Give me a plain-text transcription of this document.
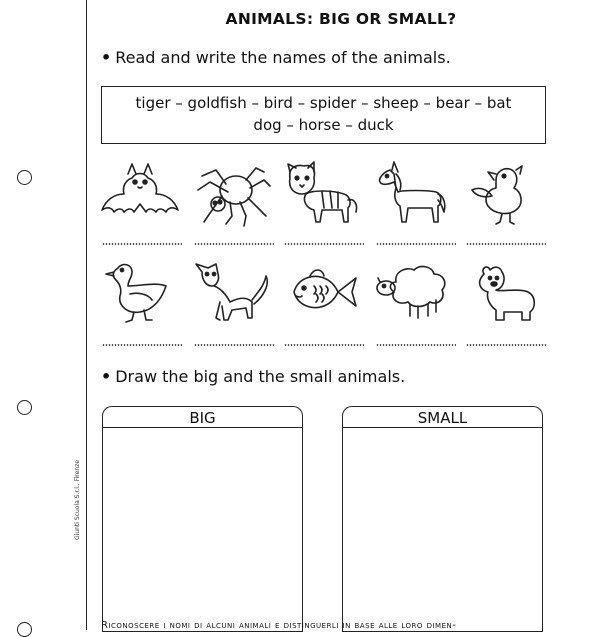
ANIMALS: BIG OR SMALL?
• Read and write the names of the animals.
tiger – goldfish – bird – spider – sheep – bear – bat
dog – horse – duck
• Draw the big and the small animals.
BIG	SMALL
Giunti Scuola S.r.l., Firenze
Riconoscere i nomi di alcuni animali e distinguerli in base alle loro dimen-
